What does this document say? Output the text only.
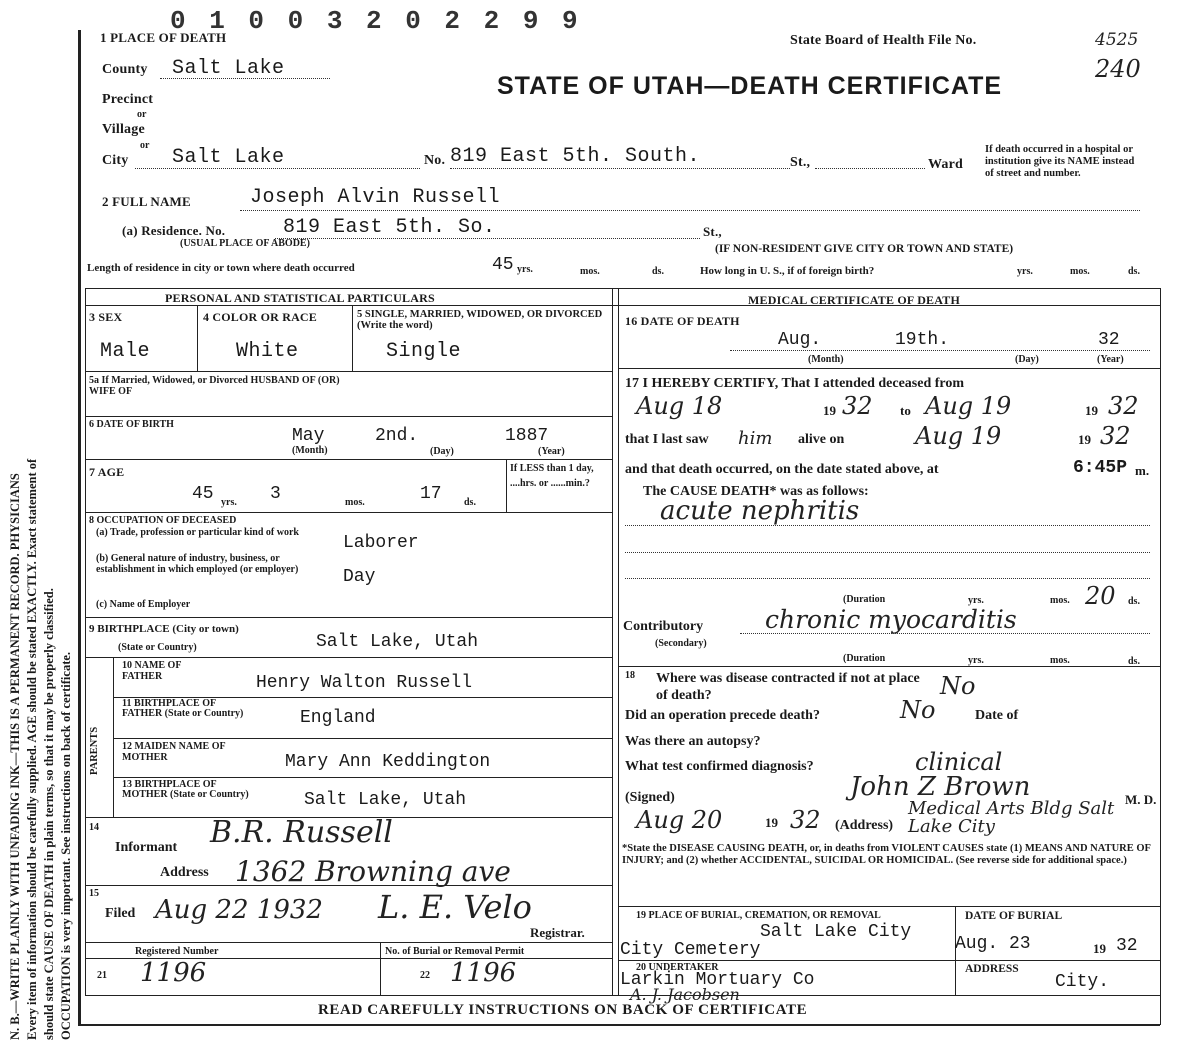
N. B.—WRITE PLAINLY WITH UNFADING INK—THIS IS A PERMANENT RECORD. PHYSICIANS Every item of information should be carefully supplied. AGE should be stated EXACTLY. Exact statement of should state CAUSE OF DEATH in plain terms, so that it may be properly classified. OCCUPATION is very important. See instructions on back of certificate.
0 1 0 0 3 2 0 2 2 9 9
1 PLACE OF DEATH	State Board of Health File No.	4525
240
STATE OF UTAH—DEATH CERTIFICATE
County Salt Lake
Precinct
or
Village
or
City Salt Lake	No. 819 East 5th. South.	St.,	Ward
If death occurred in a hospital or institution give its NAME instead of street and number.
2 FULL NAME	Joseph Alvin Russell
(a) Residence. No.	819 East 5th. So.	St.,
(USUAL PLACE OF ABODE)	(IF NON-RESIDENT GIVE CITY OR TOWN AND STATE)
Length of residence in city or town where death occurred	45 yrs.	mos.	ds.	How long in U. S., if of foreign birth?	yrs.	mos.	ds.
PERSONAL AND STATISTICAL PARTICULARS	MEDICAL CERTIFICATE OF DEATH
3 SEX
Male
4 COLOR OR RACE
White
5 SINGLE, MARRIED, WIDOWED, OR DIVORCED (Write the word)
Single
5a If Married, Widowed, or Divorced HUSBAND OF (OR) WIFE OF
6 DATE OF BIRTH
May	2nd.	1887
(Month)	(Day)	(Year)
7 AGE
45 yrs. 3	mos.	17 ds.
If LESS than 1 day, ....hrs. or ......min.?
8 OCCUPATION OF DECEASED
(a) Trade, profession or particular kind of work
Laborer
(b) General nature of industry, business, or establishment in which employed (or employer)	Day
(c) Name of Employer
9 BIRTHPLACE (City or town)
(State or Country)	Salt Lake, Utah
PARENTS
10 NAME OF FATHER	Henry Walton Russell
11 BIRTHPLACE OF FATHER (State or Country)	England
12 MAIDEN NAME OF MOTHER	Mary Ann Keddington
13 BIRTHPLACE OF MOTHER (State or Country)	Salt Lake, Utah
14
Informant B.R. Russell
Address 1362 Browning ave
15
Filed Aug 22 1932 L. E. Velo
Registrar.
Registered Number	No. of Burial or Removal Permit
21 1196	22 1196
16 DATE OF DEATH
Aug.	19th.	32
(Month)	(Day)	(Year)
17 I HEREBY CERTIFY, That I attended deceased from
Aug 18	19 32 to Aug 19	19 32
that I last saw him alive on	Aug 19	19 32
and that death occurred, on the date stated above, at	6:45P m.
The CAUSE DEATH* was as follows:
acute nephritis
(Duration	yrs.	mos. 20 ds.
Contributory
(Secondary)
chronic myocarditis
(Duration	yrs.	mos.	ds.
18 Where was disease contracted if not at place of death?	No
Did an operation precede death?	No	Date of
Was there an autopsy?
What test confirmed diagnosis?	clinical
(Signed)	John Z Brown	M. D.
Aug 20	19 32 (Address)
Medical Arts Bldg Salt Lake City
*State the DISEASE CAUSING DEATH, or, in deaths from VIOLENT CAUSES state (1) MEANS AND NATURE OF INJURY; and (2) whether ACCIDENTAL, SUICIDAL OR HOMICIDAL. (See reverse side for additional space.)
19 PLACE OF BURIAL, CREMATION, OR REMOVAL
Salt Lake City
City Cemetery
DATE OF BURIAL
Aug. 23	19 32
20 UNDERTAKER
Larkin Mortuary Co
A. J. Jacobsen
ADDRESS
City.
READ CAREFULLY INSTRUCTIONS ON BACK OF CERTIFICATE
